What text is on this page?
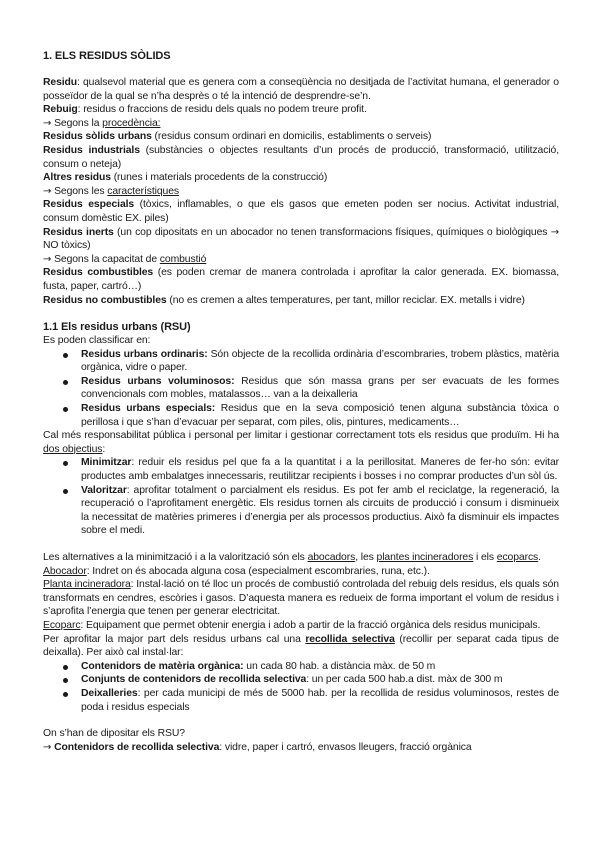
1. ELS RESIDUS SÒLIDS

Residu: qualsevol material que es genera com a conseqüència no desitjada de l’activitat humana, el generador o posseïdor de la qual se n’ha desprès o té la intenció de desprendre-se’n.

Rebuig: residus o fraccions de residu dels quals no podem treure profit.

→ Segons la procedència:

Residus sòlids urbans (residus consum ordinari en domicilis, establiments o serveis)

Residus industrials (substàncies o objectes resultants d’un procés de producció, transformació, utilització, consum o neteja)

Altres residus (runes i materials procedents de la construcció)

→ Segons les característiques

Residus especials (tòxics, inflamables, o que els gasos que emeten poden ser nocius. Activitat industrial, consum domèstic EX. piles)

Residus inerts (un cop dipositats en un abocador no tenen transformacions físiques, químiques o biològiques → NO tòxics)

→ Segons la capacitat de combustió

Residus combustibles (es poden cremar de manera controlada i aprofitar la calor generada. EX. biomassa, fusta, paper, cartró…)

Residus no combustibles (no es cremen a altes temperatures, per tant, millor reciclar. EX. metalls i vidre)

1.1 Els residus urbans (RSU)

Es poden classificar en:

Residus urbans ordinaris: Són objecte de la recollida ordinària d’escombraries, trobem plàstics, matèria orgànica, vidre o paper.
Residus urbans voluminosos: Residus que són massa grans per ser evacuats de les formes convencionals com mobles, matalassos… van a la deixalleria
Residus urbans especials: Residus que en la seva composició tenen alguna substància tòxica o perillosa i que s’han d’evacuar per separat, com piles, olis, pintures, medicaments…

Cal més responsabilitat pública i personal per limitar i gestionar correctament tots els residus que produïm. Hi ha dos objectius:

Minimitzar: reduir els residus pel que fa a la quantitat i a la perillositat. Maneres de fer-ho són: evitar productes amb embalatges innecessaris, reutilitzar recipients i bosses i no comprar productes d’un sòl ús.
Valoritzar: aprofitar totalment o parcialment els residus. Es pot fer amb el reciclatge, la regeneració, la recuperació o l’aprofitament energètic. Els residus tornen als circuits de producció i consum i disminueix la necessitat de matèries primeres i d’energia per als processos productius. Això fa disminuir els impactes sobre el medi.

Les alternatives a la minimització i a la valorització són els abocadors, les plantes incineradores i els ecoparcs.

Abocador: Indret on és abocada alguna cosa (especialment escombraries, runa, etc.).

Planta incineradora: Instal·lació on té lloc un procés de combustió controlada del rebuig dels residus, els quals són transformats en cendres, escòries i gasos. D’aquesta manera es redueix de forma important el volum de residus i s’aprofita l’energia que tenen per generar electricitat.

Ecoparc: Equipament que permet obtenir energia i adob a partir de la fracció orgànica dels residus municipals.

Per aprofitar la major part dels residus urbans cal una recollida selectiva (recollir per separat cada tipus de deixalla). Per això cal instal·lar:

Contenidors de matèria orgànica: un cada 80 hab. a distància màx. de 50 m
Conjunts de contenidors de recollida selectiva: un per cada 500 hab.a dist. màx de 300 m
Deixalleries: per cada municipi de més de 5000 hab. per la recollida de residus voluminosos, restes de poda i residus especials

On s’han de dipositar els RSU?

→ Contenidors de recollida selectiva: vidre, paper i cartró, envasos lleugers, fracció orgànica
